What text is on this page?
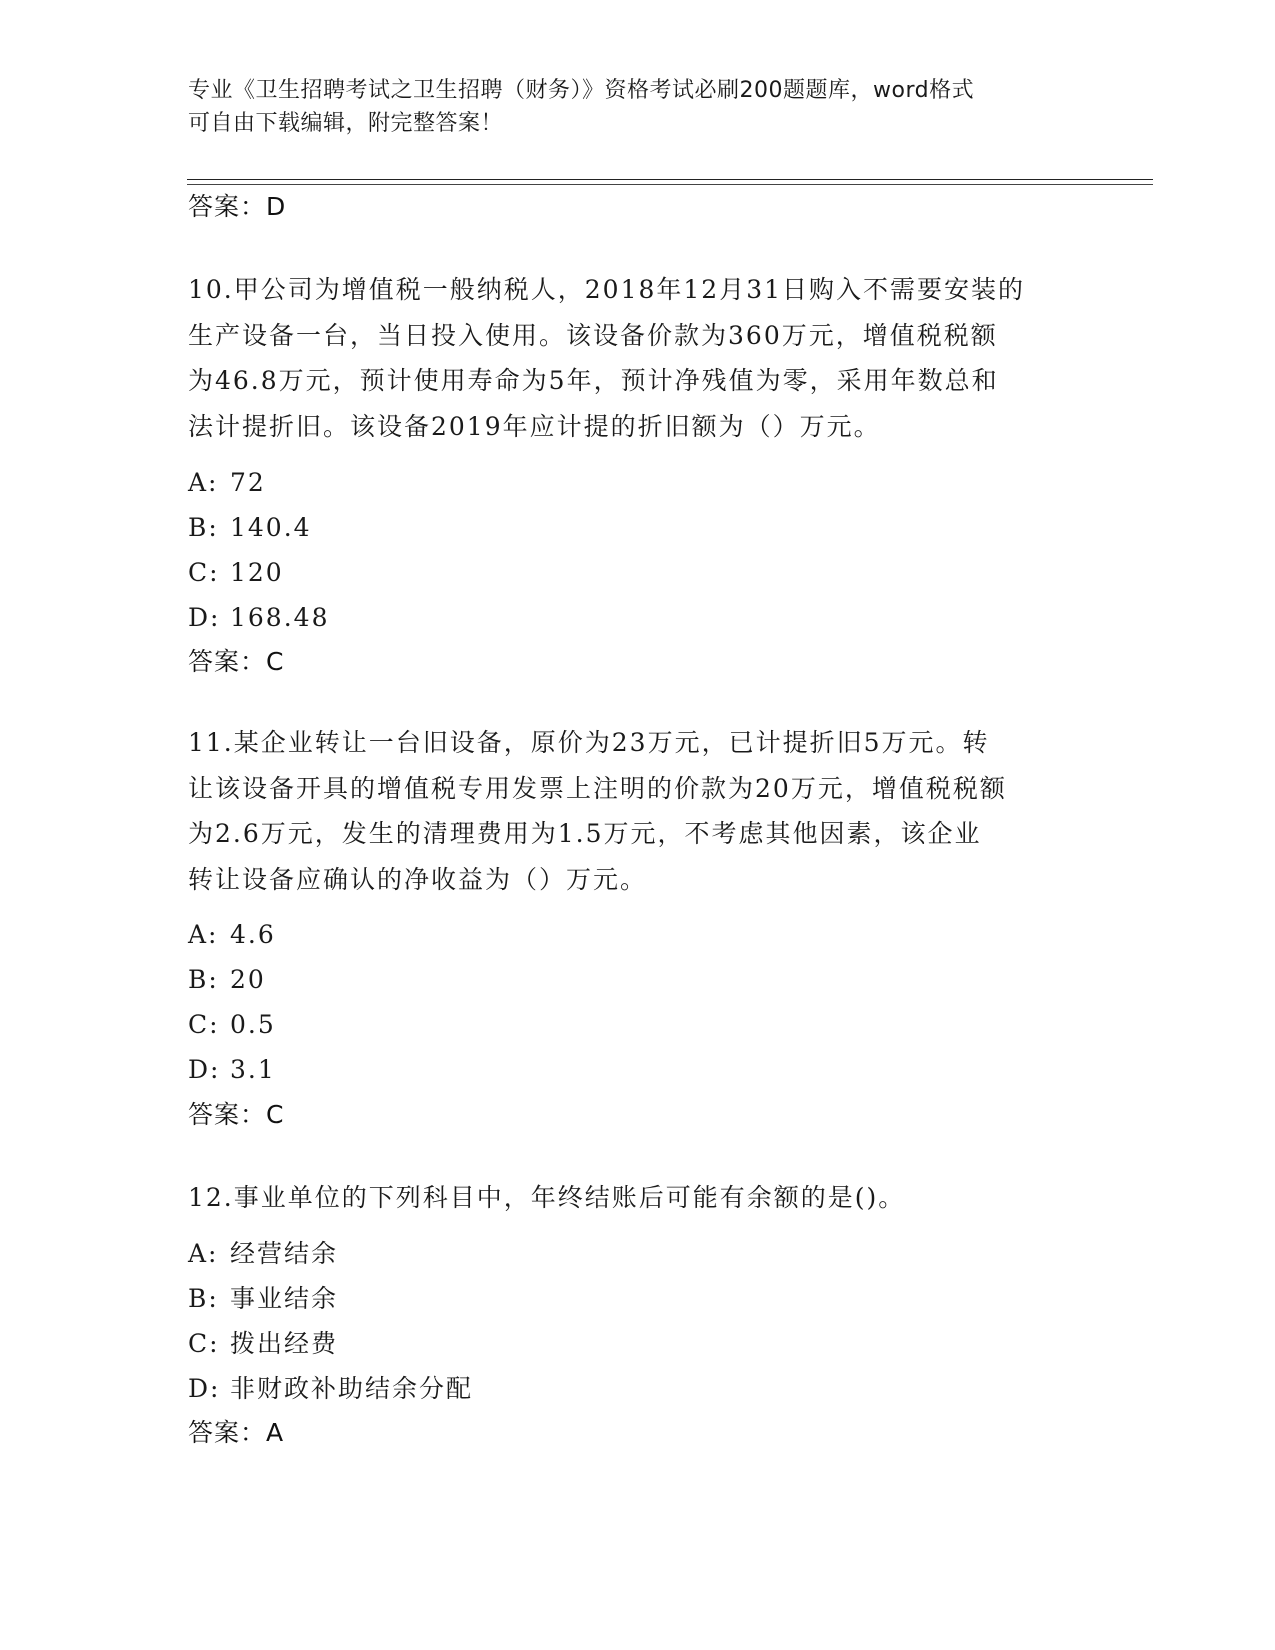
专业《卫生招聘考试之卫生招聘（财务）》资格考试必刷200题题库，word格式
可自由下载编辑，附完整答案！
答案：D
10.甲公司为增值税一般纳税人，2018年12月31日购入不需要安装的
生产设备一台，当日投入使用。该设备价款为360万元，增值税税额
为46.8万元，预计使用寿命为5年，预计净残值为零，采用年数总和
法计提折旧。该设备2019年应计提的折旧额为（）万元。
A: 72
B: 140.4
C: 120
D: 168.48
答案：C
11.某企业转让一台旧设备，原价为23万元，已计提折旧5万元。转
让该设备开具的增值税专用发票上注明的价款为20万元，增值税税额
为2.6万元，发生的清理费用为1.5万元，不考虑其他因素，该企业
转让设备应确认的净收益为（）万元。
A: 4.6
B: 20
C: 0.5
D: 3.1
答案：C
12.事业单位的下列科目中，年终结账后可能有余额的是()。
A: 经营结余
B: 事业结余
C: 拨出经费
D: 非财政补助结余分配
答案：A
